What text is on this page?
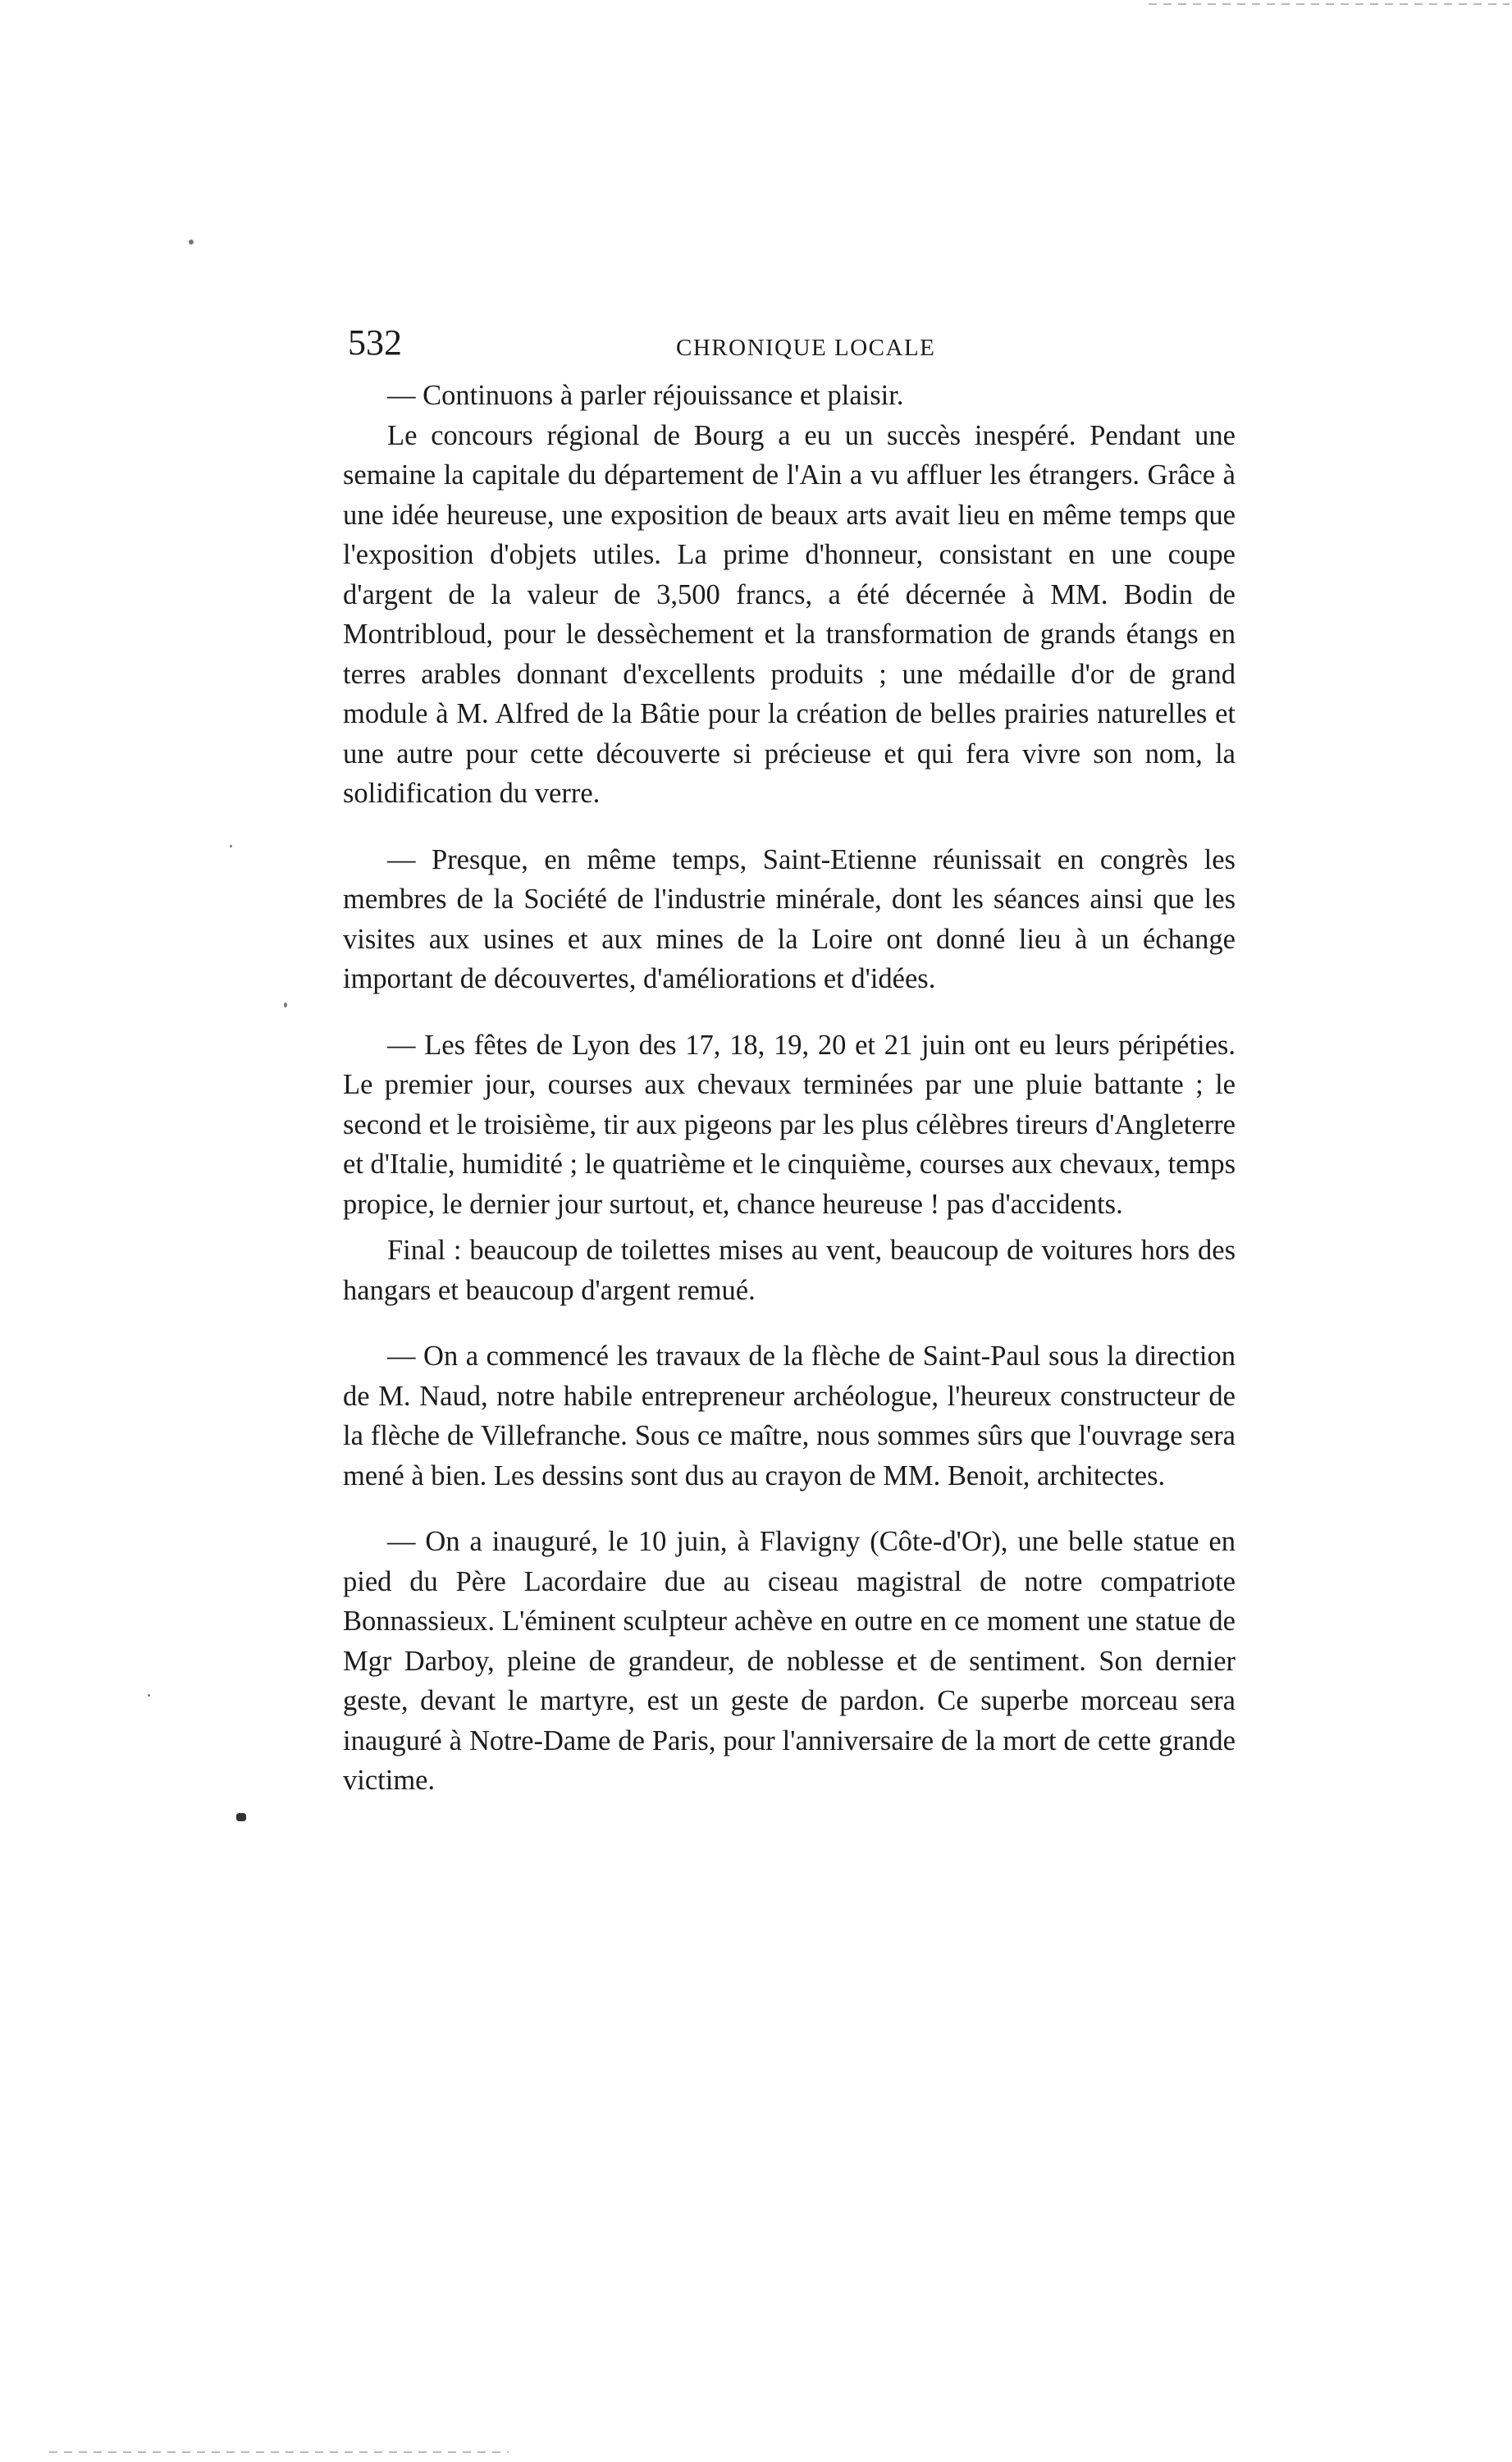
532	CHRONIQUE LOCALE

— Continuons à parler réjouissance et plaisir.

Le concours régional de Bourg a eu un succès inespéré. Pendant une semaine la capitale du département de l'Ain a vu affluer les étrangers. Grâce à une idée heureuse, une exposition de beaux arts avait lieu en même temps que l'exposition d'objets utiles. La prime d'honneur, consistant en une coupe d'argent de la valeur de 3,500 francs, a été décernée à MM. Bodin de Montribloud, pour le dessèchement et la transformation de grands étangs en terres arables donnant d'excellents produits ; une médaille d'or de grand module à M. Alfred de la Bâtie pour la création de belles prairies naturelles et une autre pour cette découverte si précieuse et qui fera vivre son nom, la solidification du verre.

— Presque, en même temps, Saint-Etienne réunissait en congrès les membres de la Société de l'industrie minérale, dont les séances ainsi que les visites aux usines et aux mines de la Loire ont donné lieu à un échange important de découvertes, d'améliorations et d'idées.

— Les fêtes de Lyon des 17, 18, 19, 20 et 21 juin ont eu leurs péripéties. Le premier jour, courses aux chevaux terminées par une pluie battante ; le second et le troisième, tir aux pigeons par les plus célèbres tireurs d'Angleterre et d'Italie, humidité ; le quatrième et le cinquième, courses aux chevaux, temps propice, le dernier jour surtout, et, chance heureuse ! pas d'accidents.

Final : beaucoup de toilettes mises au vent, beaucoup de voitures hors des hangars et beaucoup d'argent remué.

— On a commencé les travaux de la flèche de Saint-Paul sous la direction de M. Naud, notre habile entrepreneur archéologue, l'heureux constructeur de la flèche de Villefranche. Sous ce maître, nous sommes sûrs que l'ouvrage sera mené à bien. Les dessins sont dus au crayon de MM. Benoit, architectes.

— On a inauguré, le 10 juin, à Flavigny (Côte-d'Or), une belle statue en pied du Père Lacordaire due au ciseau magistral de notre compatriote Bonnassieux. L'éminent sculpteur achève en outre en ce moment une statue de Mgr Darboy, pleine de grandeur, de noblesse et de sentiment. Son dernier geste, devant le martyre, est un geste de pardon. Ce superbe morceau sera inauguré à Notre-Dame de Paris, pour l'anniversaire de la mort de cette grande victime.
